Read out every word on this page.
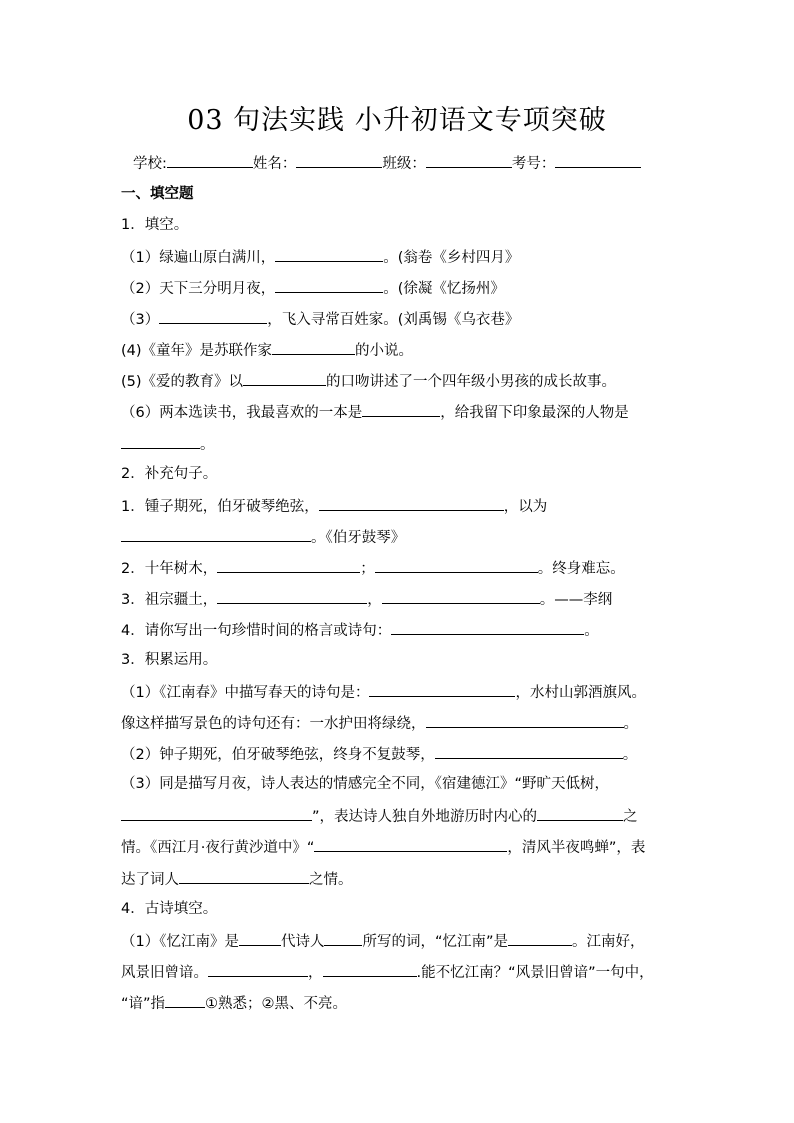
03 句法实践 小升初语文专项突破
学校:	姓名：	班级：	考号：
一、填空题
1．填空。
（1）绿遍山原白满川，	。(翁卷《乡村四月》
（2）天下三分明月夜，	。(徐凝《忆扬州》
（3）	，飞入寻常百姓家。(刘禹锡《乌衣巷》
(4)《童年》是苏联作家	的小说。
(5)《爱的教育》以	的口吻讲述了一个四年级小男孩的成长故事。
（6）两本选读书，我最喜欢的一本是	，给我留下印象最深的人物是
。
2．补充句子。
1．锺子期死，伯牙破琴绝弦，	，以为
。《伯牙鼓琴》
2．十年树木，	；	。终身难忘。
3．祖宗疆土，	，	。——李纲
4．请你写出一句珍惜时间的格言或诗句：	。
3．积累运用。
（1）《江南春》中描写春天的诗句是：	，水村山郭酒旗风。
像这样描写景色的诗句还有：一水护田将绿绕，	。
（2）钟子期死，伯牙破琴绝弦，终身不复鼓琴，	。
（3）同是描写月夜，诗人表达的情感完全不同，《宿建德江》“野旷天低树，
”，表达诗人独自外地游历时内心的	之
情。《西江月·夜行黄沙道中》“	，清风半夜鸣蝉”，表
达了词人	之情。
4．古诗填空。
（1）《忆江南》是	代诗人	所写的词，“忆江南”是	。江南好，
风景旧曾谙。	，	.能不忆江南？“风景旧曾谙”一句中，
“谙”指	①熟悉；②黑、不亮。
